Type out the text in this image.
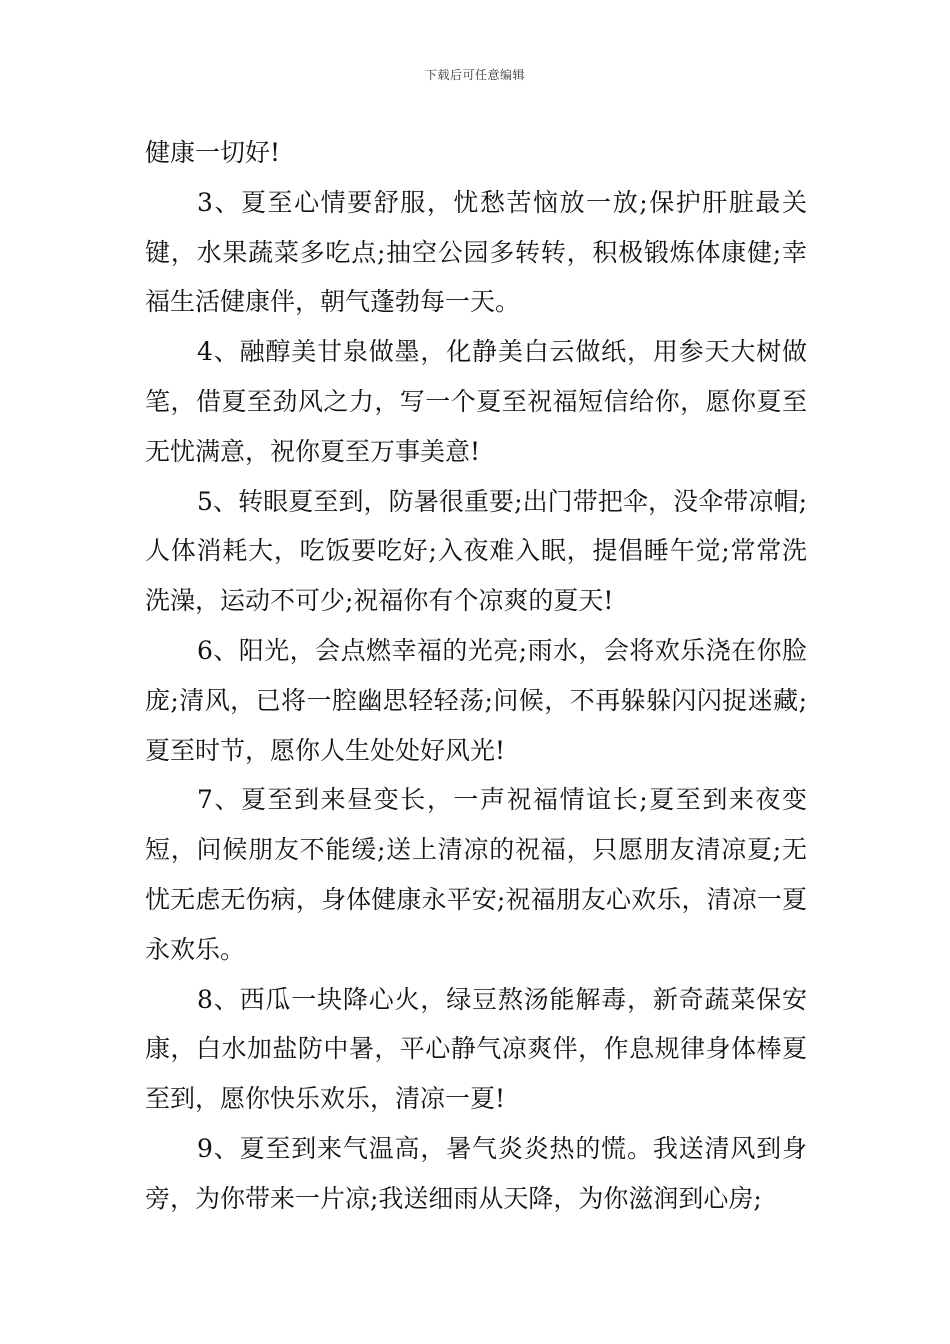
下载后可任意编辑

健康一切好!

3、夏至心情要舒服，忧愁苦恼放一放;保护肝脏最关键，水果蔬菜多吃点;抽空公园多转转，积极锻炼体康健;幸福生活健康伴，朝气蓬勃每一天。

4、融醇美甘泉做墨，化静美白云做纸，用参天大树做笔，借夏至劲风之力，写一个夏至祝福短信给你，愿你夏至无忧满意，祝你夏至万事美意!

5、转眼夏至到，防暑很重要;出门带把伞，没伞带凉帽;人体消耗大，吃饭要吃好;入夜难入眠，提倡睡午觉;常常洗洗澡，运动不可少;祝福你有个凉爽的夏天!

6、阳光，会点燃幸福的光亮;雨水，会将欢乐浇在你脸庞;清风，已将一腔幽思轻轻荡;问候，不再躲躲闪闪捉迷藏;夏至时节，愿你人生处处好风光!

7、夏至到来昼变长，一声祝福情谊长;夏至到来夜变短，问候朋友不能缓;送上清凉的祝福，只愿朋友清凉夏;无忧无虑无伤病，身体健康永平安;祝福朋友心欢乐，清凉一夏永欢乐。

8、西瓜一块降心火，绿豆熬汤能解毒，新奇蔬菜保安康，白水加盐防中暑，平心静气凉爽伴，作息规律身体棒夏至到，愿你快乐欢乐，清凉一夏!

9、夏至到来气温高，暑气炎炎热的慌。我送清风到身旁，为你带来一片凉;我送细雨从天降，为你滋润到心房;
